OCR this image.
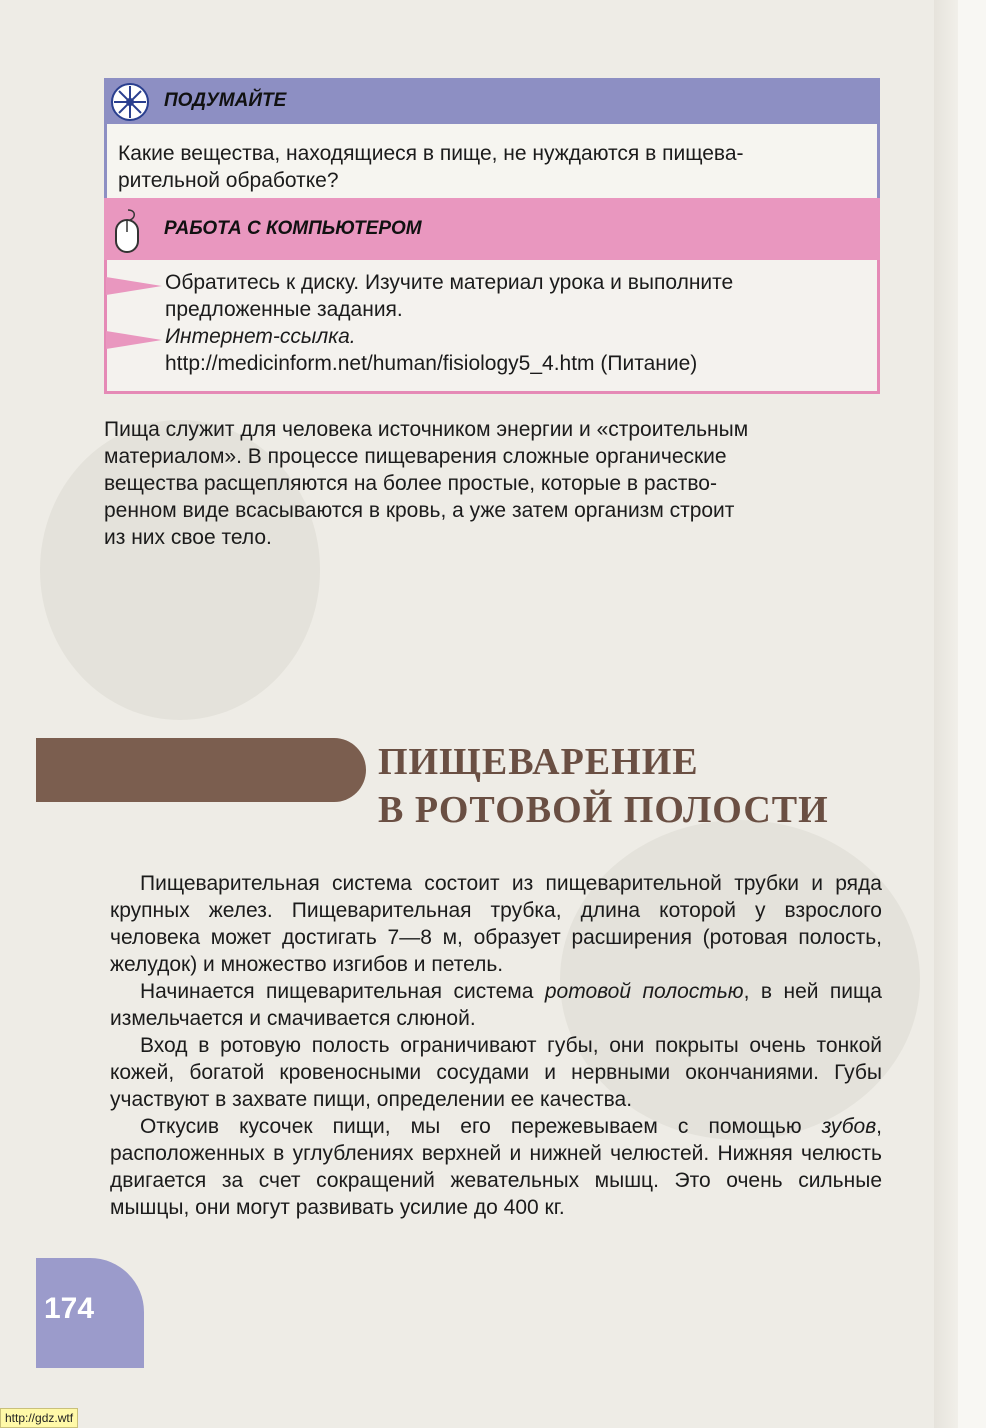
ПОДУМАЙТЕ
Какие вещества, находящиеся в пище, не нуждаются в пищева-
рительной обработке?
РАБОТА С КОМПЬЮТЕРОМ
Обратитесь к диску. Изучите материал урока и выполните
предложенные задания.
Интернет-ссылка.
http://medicinform.net/human/fisiology5_4.htm (Питание)

Пища служит для человека источником энергии и «строительным

материалом». В процессе пищеварения сложные органические

вещества расщепляются на более простые, которые в раство-

ренном виде всасываются в кровь, а уже затем организм строит

из них свое тело.

ПИЩЕВАРЕНИЕ
В РОТОВОЙ ПОЛОСТИ

Пищеварительная система состоит из пищеварительной трубки и ряда крупных желез. Пищеварительная трубка, длина которой у взрослого человека может достигать 7—8 м, образует расширения (ротовая полость, желудок) и множество изгибов и петель.

Начинается пищеварительная система ротовой полостью, в ней пища измельчается и смачивается слюной.

Вход в ротовую полость ограничивают губы, они покрыты очень тонкой кожей, богатой кровеносными сосудами и нервными окончаниями. Губы участвуют в захвате пищи, определении ее качества.

Откусив кусочек пищи, мы его пережевываем с помощью зубов, расположенных в углублениях верхней и нижней челюстей. Нижняя челюсть двигается за счет сокращений жевательных мышц. Это очень сильные мышцы, они могут развивать усилие до 400 кг.

174
http://gdz.wtf
